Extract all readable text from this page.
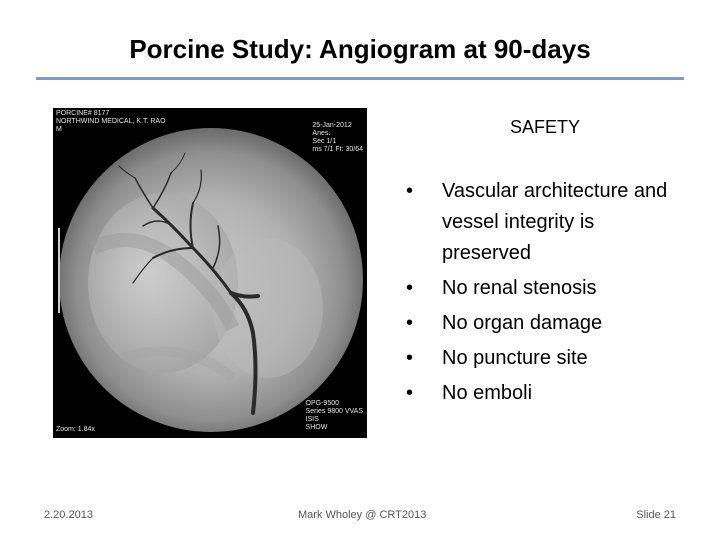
Porcine Study: Angiogram at 90-days
PORCINE# 8177
NORTHWIND MEDICAL, K.T. RAO
M
25-Jan-2012
Anes.
Sec 1/1
ms 7/1 Ft: 30/64
OPG-9500
Series 9800 VVAS
ISIS
SHOW
Zoom: 1.84x
SAFETY
• Vascular architecture and vessel integrity is preserved
• No renal stenosis
• No organ damage
• No puncture site
• No emboli
2.20.2013	Mark Wholey @ CRT2013	Slide 21
